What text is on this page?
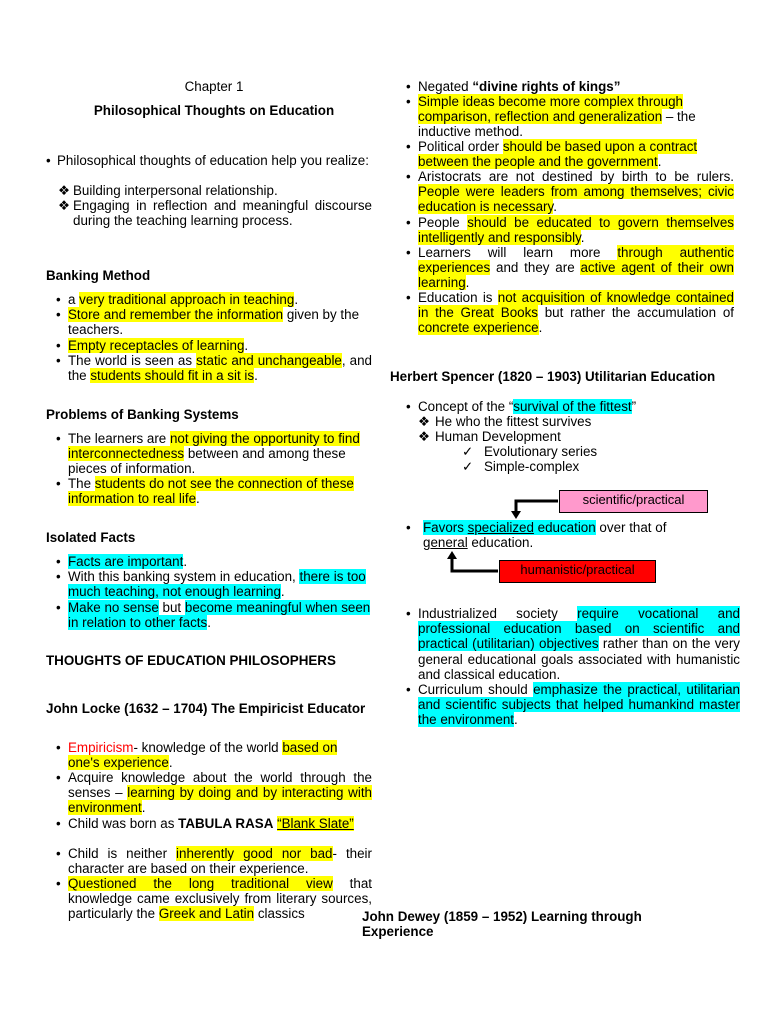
Chapter 1
Philosophical Thoughts on Education
• Philosophical thoughts of education help you realize:
❖ Building interpersonal relationship.
❖ Engaging in reflection and meaningful discourse during the teaching learning process.
Banking Method
• a very traditional approach in teaching.
• Store and remember the information given by the teachers.
• Empty receptacles of learning.
• The world is seen as static and unchangeable, and the students should fit in a sit is.
Problems of Banking Systems
• The learners are not giving the opportunity to find interconnectedness between and among these pieces of information.
• The students do not see the connection of these information to real life.
Isolated Facts
• Facts are important.
• With this banking system in education, there is too much teaching, not enough learning.
• Make no sense but become meaningful when seen in relation to other facts.
THOUGHTS OF EDUCATION PHILOSOPHERS
John Locke (1632 – 1704) The Empiricist Educator
• Empiricism- knowledge of the world based on one's experience.
• Acquire knowledge about the world through the senses – learning by doing and by interacting with environment.
• Child was born as TABULA RASA “Blank Slate”
• Child is neither inherently good nor bad- their character are based on their experience.
• Questioned the long traditional view that knowledge came exclusively from literary sources, particularly the Greek and Latin classics
• Negated “divine rights of kings”
• Simple ideas become more complex through comparison, reflection and generalization – the inductive method.
• Political order should be based upon a contract between the people and the government.
• Aristocrats are not destined by birth to be rulers. People were leaders from among themselves; civic education is necessary.
• People should be educated to govern themselves intelligently and responsibly.
• Learners will learn more through authentic experiences and they are active agent of their own learning.
• Education is not acquisition of knowledge contained in the Great Books but rather the accumulation of concrete experience.
Herbert Spencer (1820 – 1903) Utilitarian Education
• Concept of the “survival of the fittest”
❖ He who the fittest survives
❖ Human Development
✓ Evolutionary series
✓ Simple-complex
scientific/practical
humanistic/practical
• Favors specialized education over that of
general education.
• Industrialized society require vocational and professional education based on scientific and practical (utilitarian) objectives rather than on the very general educational goals associated with humanistic and classical education.
• Curriculum should emphasize the practical, utilitarian and scientific subjects that helped humankind master the environment.
John Dewey (1859 – 1952) Learning through Experience
